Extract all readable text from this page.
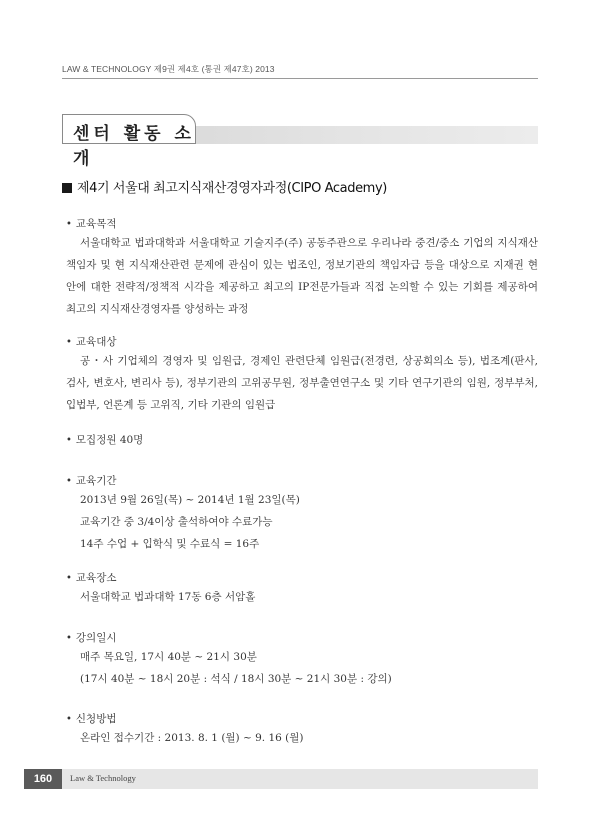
LAW & TECHNOLOGY 제9권 제4호 (통권 제47호) 2013
센터 활동 소개
제4기 서울대 최고지식재산경영자과정(CIPO Academy)
• 교육목적
서울대학교 법과대학과 서울대학교 기술지주(주) 공동주관으로 우리나라 중견/중소 기업의 지식재산 책임자 및 현 지식재산관련 문제에 관심이 있는 법조인, 정보기관의 책임자급 등을 대상으로 지재권 현안에 대한 전략적/정책적 시각을 제공하고 최고의 IP전문가들과 직접 논의할 수 있는 기회를 제공하여 최고의 지식재산경영자를 양성하는 과정
• 교육대상
공・사 기업체의 경영자 및 임원급, 경제인 관련단체 임원급(전경련, 상공회의소 등), 법조계(판사, 검사, 변호사, 변리사 등), 정부기관의 고위공무원, 정부출연연구소 및 기타 연구기관의 임원, 정부부처, 입법부, 언론계 등 고위직, 기타 기관의 임원급
• 모집정원 40명
• 교육기간
2013년 9월 26일(목) ~ 2014년 1월 23일(목)
교육기간 중 3/4이상 출석하여야 수료가능
14주 수업 + 입학식 및 수료식 = 16주
• 교육장소
서울대학교 법과대학 17동 6층 서암홀
• 강의일시
매주 목요일, 17시 40분 ~ 21시 30분
(17시 40분 ~ 18시 20분 : 석식 / 18시 30분 ~ 21시 30분 : 강의)
• 신청방법
온라인 접수기간 : 2013. 8. 1 (월) ~ 9. 16 (월)
160	Law & Technology
